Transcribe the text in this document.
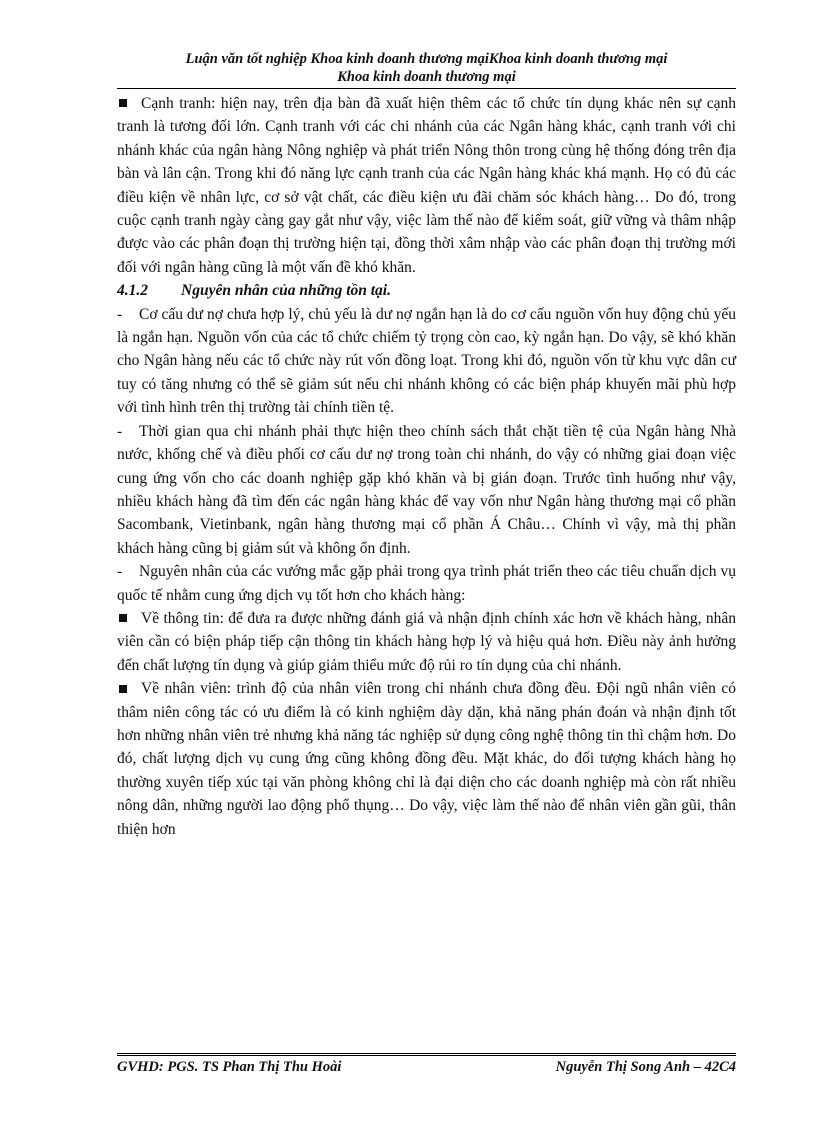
Luận văn tốt nghiệp Khoa kinh doanh thương mạiKhoa kinh doanh thương mại
Khoa kinh doanh thương mại

Cạnh tranh: hiện nay, trên địa bàn đã xuất hiện thêm các tổ chức tín dụng khác nên sự cạnh tranh là tương đối lớn. Cạnh tranh với các chi nhánh của các Ngân hàng khác, cạnh tranh với chi nhánh khác của ngân hàng Nông nghiệp và phát triển Nông thôn trong cùng hệ thống đóng trên địa bàn và lân cận. Trong khi đó năng lực cạnh tranh của các Ngân hàng khác khá mạnh. Họ có đủ các điều kiện về nhân lực, cơ sở vật chất, các điều kiện ưu đãi chăm sóc khách hàng… Do đó, trong cuộc cạnh tranh ngày càng gay gắt như vậy, việc làm thế nào để kiểm soát, giữ vững và thâm nhập được vào các phân đoạn thị trường hiện tại, đồng thời xâm nhập vào các phân đoạn thị trường mới đối với ngân hàng cũng là một vấn đề khó khăn.

4.1.2 Nguyên nhân của những tồn tại.

- Cơ cấu dư nợ chưa hợp lý, chủ yếu là dư nợ ngắn hạn là do cơ cấu nguồn vốn huy động chủ yếu là ngắn hạn. Nguồn vốn của các tổ chức chiếm tỷ trọng còn cao, kỳ ngắn hạn. Do vậy, sẽ khó khăn cho Ngân hàng nếu các tổ chức này rút vốn đồng loạt. Trong khi đó, nguồn vốn từ khu vực dân cư tuy có tăng nhưng có thể sẽ giảm sút nếu chi nhánh không có các biện pháp khuyến mãi phù hợp với tình hình trên thị trường tài chính tiền tệ.

- Thời gian qua chi nhánh phải thực hiện theo chính sách thắt chặt tiền tệ của Ngân hàng Nhà nước, khống chế và điều phối cơ cấu dư nợ trong toàn chi nhánh, do vậy có những giai đoạn việc cung ứng vốn cho các doanh nghiệp gặp khó khăn và bị gián đoạn. Trước tình huống như vậy, nhiều khách hàng đã tìm đến các ngân hàng khác để vay vốn như Ngân hàng thương mại cổ phần Sacombank, Vietinbank, ngân hàng thương mại cổ phần Á Châu… Chính vì vậy, mà thị phần khách hàng cũng bị giảm sút và không ổn định.

- Nguyên nhân của các vướng mắc gặp phải trong qya trình phát triển theo các tiêu chuẩn dịch vụ quốc tế nhằm cung ứng dịch vụ tốt hơn cho khách hàng:

Về thông tin: để đưa ra được những đánh giá và nhận định chính xác hơn về khách hàng, nhân viên cần có biện pháp tiếp cận thông tin khách hàng hợp lý và hiệu quả hơn. Điều này ảnh hưởng đến chất lượng tín dụng và giúp giảm thiểu mức độ rủi ro tín dụng của chi nhánh.

Về nhân viên: trình độ của nhân viên trong chi nhánh chưa đồng đều. Đội ngũ nhân viên có thâm niên công tác có ưu điểm là có kinh nghiệm dày dặn, khả năng phán đoán và nhận định tốt hơn những nhân viên trẻ nhưng khả năng tác nghiệp sử dụng công nghệ thông tin thì chậm hơn. Do đó, chất lượng dịch vụ cung ứng cũng không đồng đều. Mặt khác, do đối tượng khách hàng họ thường xuyên tiếp xúc tại văn phòng không chỉ là đại diện cho các doanh nghiệp mà còn rất nhiều nông dân, những người lao động phổ thụng… Do vậy, việc làm thế nào để nhân viên gần gũi, thân thiện hơn

GVHD: PGS. TS Phan Thị Thu Hoài	Nguyễn Thị Song Anh – 42C4
